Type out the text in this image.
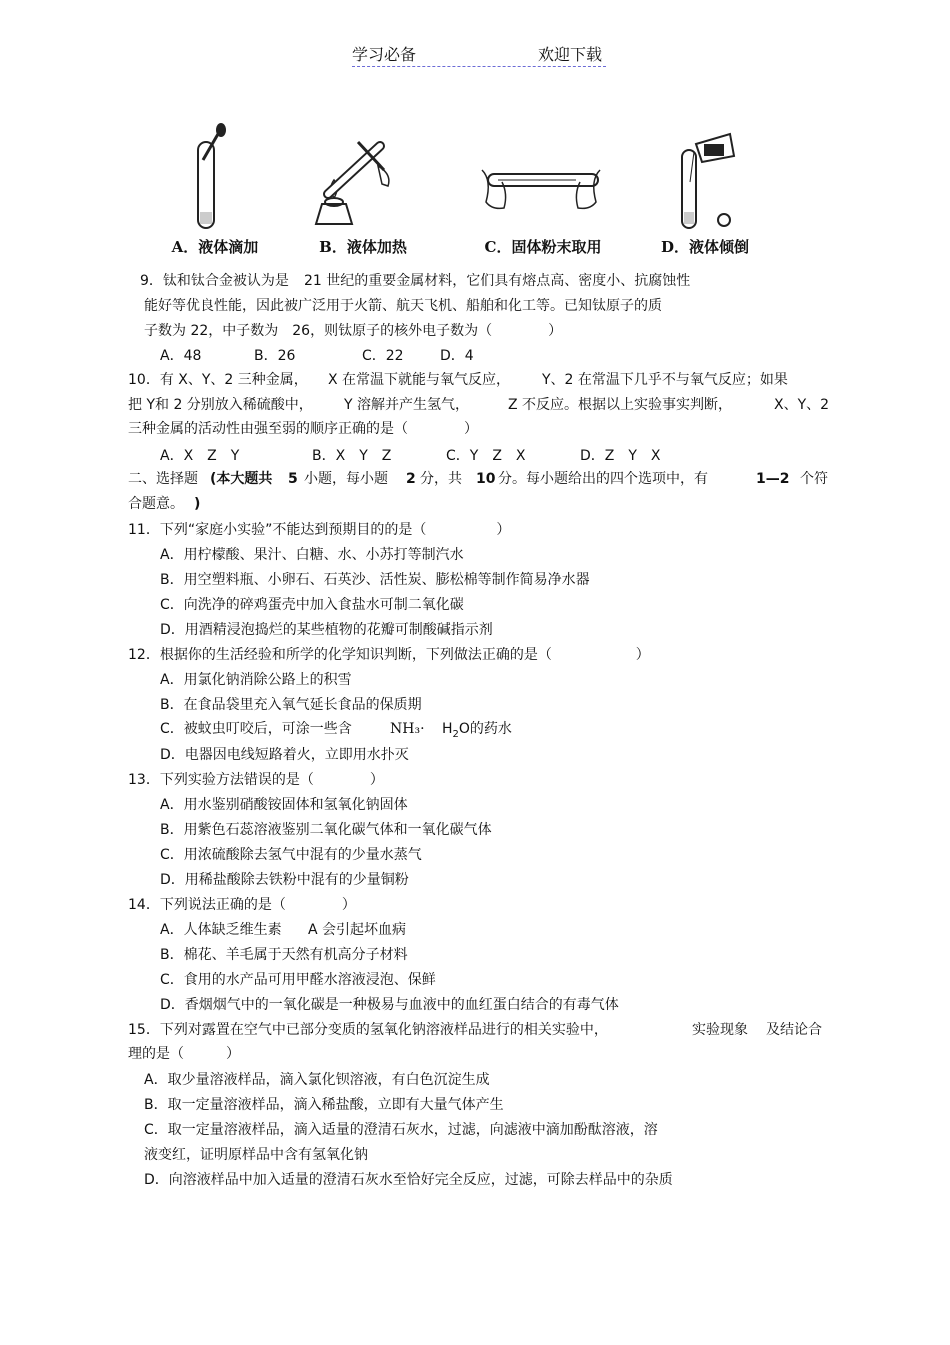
学习必备	欢迎下载
A．液体滴加	B．液体加热	C．固体粉末取用	D．液体倾倒
9．钛和钛合金被认为是 21 世纪的重要金属材料，它们具有熔点高、密度小、抗腐蚀性
能好等优良性能，因此被广泛用于火箭、航天飞机、船舶和化工等。已知钛原子的质
子数为 22，中子数为　26，则钛原子的核外电子数为（　　　　）
A．48	B．26	C．22	D．4
10．有 X、Y、2 三种金属， X 在常温下就能与氧气反应， Y、2 在常温下几乎不与氧气反应；如果
把 Y和 2 分别放入稀硫酸中， Y 溶解并产生氢气，	Z 不反应。根据以上实验事实判断，	X、Y、2
三种金属的活动性由强至弱的顺序正确的是（　　　　）
A．X　Z　Y	B．X　Y　Z	C．Y　Z　X	D．Z　Y　X
二、选择题 (本大题共 5 小题，每小题 2 分，共 10 分。每小题给出的四个选项中，有	1—2 个符
合题意。 )
11．下列“家庭小实验”不能达到预期目的的是（　　　　　）
A．用柠檬酸、果汁、白糖、水、小苏打等制汽水
B．用空塑料瓶、小卵石、石英沙、活性炭、膨松棉等制作简易净水器
C．向洗净的碎鸡蛋壳中加入食盐水可制二氧化碳
D．用酒精浸泡捣烂的某些植物的花瓣可制酸碱指示剂
12．根据你的生活经验和所学的化学知识判断，下列做法正确的是（　　　　　　）
A．用氯化钠消除公路上的积雪
B．在食品袋里充入氧气延长食品的保质期
C．被蚊虫叮咬后，可涂一些含	$NH_3\cdot H_2O$的药水
D．电器因电线短路着火，立即用水扑灭
13．下列实验方法错误的是（　　　　）
A．用水鉴别硝酸铵固体和氢氧化钠固体
B．用紫色石蕊溶液鉴别二氧化碳气体和一氧化碳气体
C．用浓硫酸除去氢气中混有的少量水蒸气
D．用稀盐酸除去铁粉中混有的少量铜粉
14．下列说法正确的是（　　　　）
A．人体缺乏维生素 A 会引起坏血病
B．棉花、羊毛属于天然有机高分子材料
C．食用的水产品可用甲醛水溶液浸泡、保鲜
D．香烟烟气中的一氧化碳是一种极易与血液中的血红蛋白结合的有毒气体
15．下列对露置在空气中已部分变质的氢氧化钠溶液样品进行的相关实验中，	实验现象 及结论合
理的是（　　　）
A．取少量溶液样品，滴入氯化钡溶液，有白色沉淀生成
B．取一定量溶液样品，滴入稀盐酸，立即有大量气体产生
C．取一定量溶液样品，滴入适量的澄清石灰水，过滤，向滤液中滴加酚酞溶液，溶
液变红，证明原样品中含有氢氧化钠
D．向溶液样品中加入适量的澄清石灰水至恰好完全反应，过滤，可除去样品中的杂质
